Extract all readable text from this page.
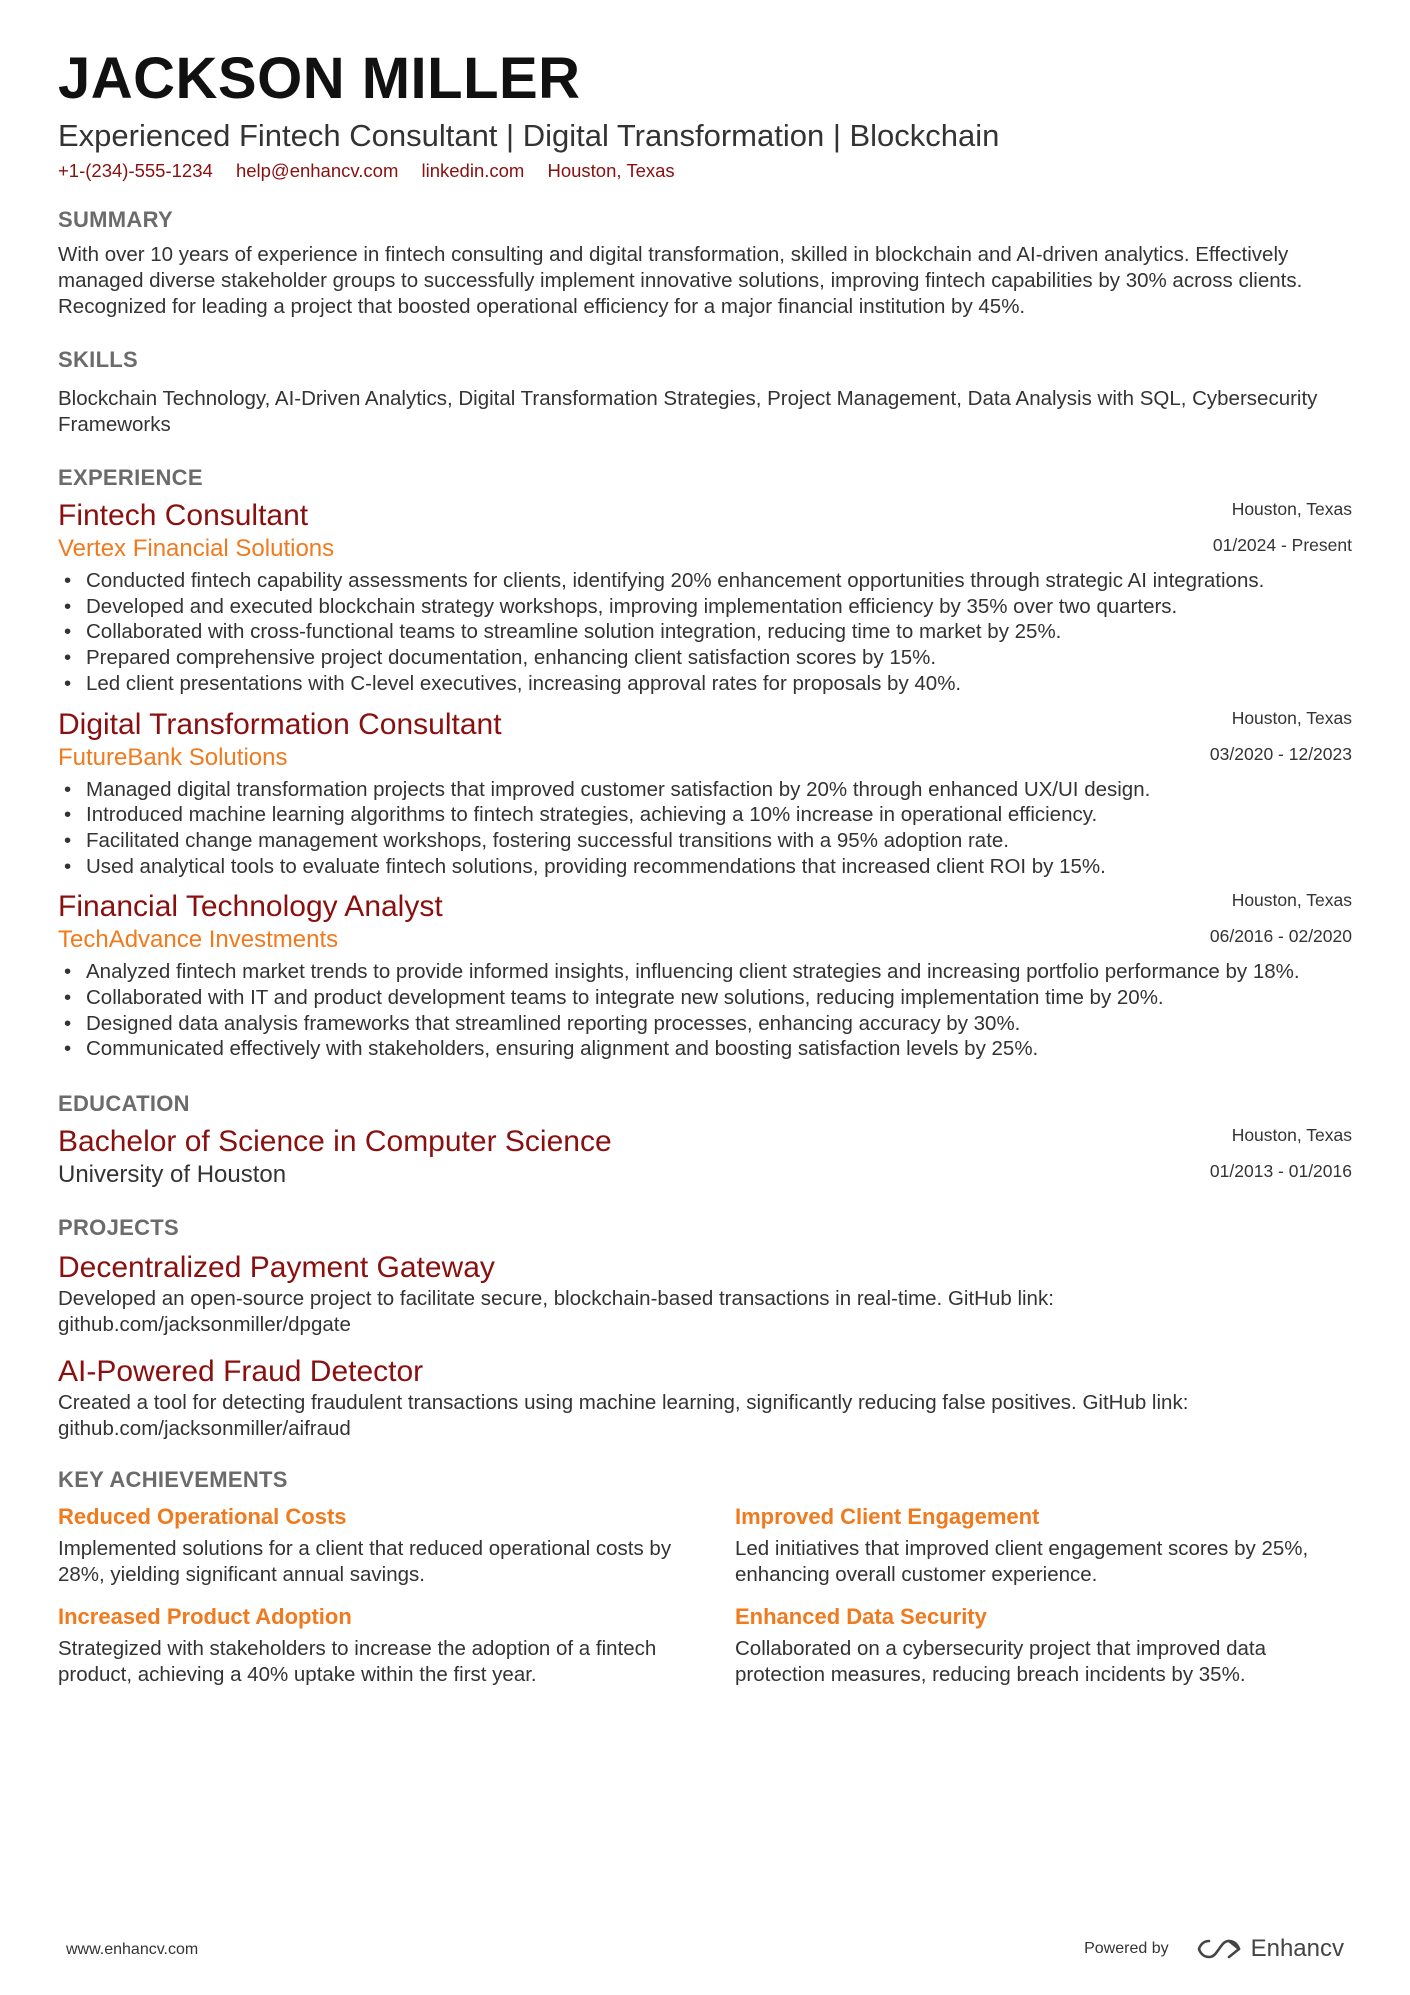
JACKSON MILLER
Experienced Fintech Consultant | Digital Transformation | Blockchain
+1-(234)-555-1234 help@enhancv.com linkedin.com Houston, Texas
SUMMARY
With over 10 years of experience in fintech consulting and digital transformation, skilled in blockchain and AI-driven analytics. Effectively managed diverse stakeholder groups to successfully implement innovative solutions, improving fintech capabilities by 30% across clients. Recognized for leading a project that boosted operational efficiency for a major financial institution by 45%.
SKILLS
Blockchain Technology, AI-Driven Analytics, Digital Transformation Strategies, Project Management, Data Analysis with SQL, Cybersecurity Frameworks
EXPERIENCE
Fintech Consultant
Vertex Financial Solutions
Houston, Texas
01/2024 - Present
• Conducted fintech capability assessments for clients, identifying 20% enhancement opportunities through strategic AI integrations.
• Developed and executed blockchain strategy workshops, improving implementation efficiency by 35% over two quarters.
• Collaborated with cross-functional teams to streamline solution integration, reducing time to market by 25%.
• Prepared comprehensive project documentation, enhancing client satisfaction scores by 15%.
• Led client presentations with C-level executives, increasing approval rates for proposals by 40%.
Digital Transformation Consultant
FutureBank Solutions
Houston, Texas
03/2020 - 12/2023
• Managed digital transformation projects that improved customer satisfaction by 20% through enhanced UX/UI design.
• Introduced machine learning algorithms to fintech strategies, achieving a 10% increase in operational efficiency.
• Facilitated change management workshops, fostering successful transitions with a 95% adoption rate.
• Used analytical tools to evaluate fintech solutions, providing recommendations that increased client ROI by 15%.
Financial Technology Analyst
TechAdvance Investments
Houston, Texas
06/2016 - 02/2020
• Analyzed fintech market trends to provide informed insights, influencing client strategies and increasing portfolio performance by 18%.
• Collaborated with IT and product development teams to integrate new solutions, reducing implementation time by 20%.
• Designed data analysis frameworks that streamlined reporting processes, enhancing accuracy by 30%.
• Communicated effectively with stakeholders, ensuring alignment and boosting satisfaction levels by 25%.
EDUCATION
Bachelor of Science in Computer Science
University of Houston
Houston, Texas
01/2013 - 01/2016
PROJECTS
Decentralized Payment Gateway
Developed an open-source project to facilitate secure, blockchain-based transactions in real-time. GitHub link: github.com/jacksonmiller/dpgate
AI-Powered Fraud Detector
Created a tool for detecting fraudulent transactions using machine learning, significantly reducing false positives. GitHub link: github.com/jacksonmiller/aifraud
KEY ACHIEVEMENTS
Reduced Operational Costs
Implemented solutions for a client that reduced operational costs by 28%, yielding significant annual savings.
Improved Client Engagement
Led initiatives that improved client engagement scores by 25%, enhancing overall customer experience.
Increased Product Adoption
Strategized with stakeholders to increase the adoption of a fintech product, achieving a 40% uptake within the first year.
Enhanced Data Security
Collaborated on a cybersecurity project that improved data protection measures, reducing breach incidents by 35%.
www.enhancv.com	Powered by	Enhancv
